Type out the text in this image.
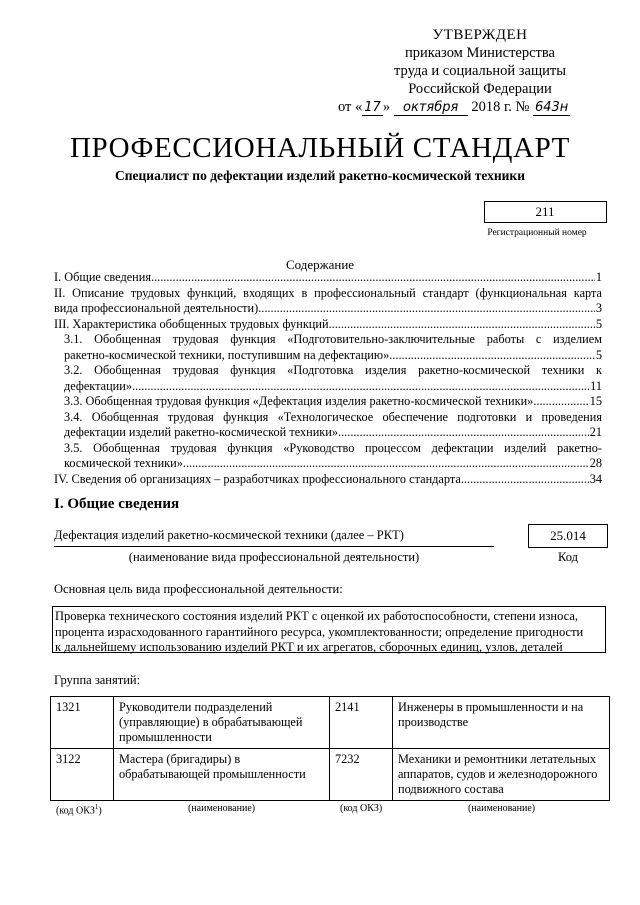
УТВЕРЖДЕН
приказом Министерства
труда и социальной защиты
Российской Федерации
от « 17 » октября 2018 г. № 643н
ПРОФЕССИОНАЛЬНЫЙ СТАНДАРТ
Специалист по дефектации изделий ракетно-космической техники
211
Регистрационный номер
Содержание
I. Общие сведения .....	1
II. Описание трудовых функций, входящих в профессиональный стандарт (функциональная карта
вида профессиональной деятельности) .....	3
III. Характеристика обобщенных трудовых функций .....	5
3.1. Обобщенная трудовая функция «Подготовительно-заключительные работы с изделием
ракетно-космической техники, поступившим на дефектацию» .....	5
3.2. Обобщенная трудовая функция «Подготовка изделия ракетно-космической техники к
дефектации» .....	11
3.3. Обобщенная трудовая функция «Дефектация изделия ракетно-космической техники» .....	15
3.4. Обобщенная трудовая функция «Технологическое обеспечение подготовки и проведения
дефектации изделий ракетно-космической техники» .....	21
3.5. Обобщенная трудовая функция «Руководство процессом дефектации изделий ракетно-
космической техники» .....	28
IV. Сведения об организациях – разработчиках профессионального стандарта .....	34
I. Общие сведения
Дефектация изделий ракетно-космической техники (далее – РКТ)
(наименование вида профессиональной деятельности)
25.014
Код
Основная цель вида профессиональной деятельности:
Проверка технического состояния изделий РКТ с оценкой их работоспособности, степени износа,
процента израсходованного гарантийного ресурса, укомплектованности; определение пригодности
к дальнейшему использованию изделий РКТ и их агрегатов, сборочных единиц, узлов, деталей
Группа занятий:
1321	Руководители подразделений (управляющие) в обрабатывающей промышленности	2141	Инженеры в промышленности и на производстве
3122	Мастера (бригадиры) в обрабатывающей промышленности	7232	Механики и ремонтники летательных аппаратов, судов и железнодорожного подвижного состава
(код ОКЗ$^1$)	(наименование)	(код ОКЗ)	(наименование)
